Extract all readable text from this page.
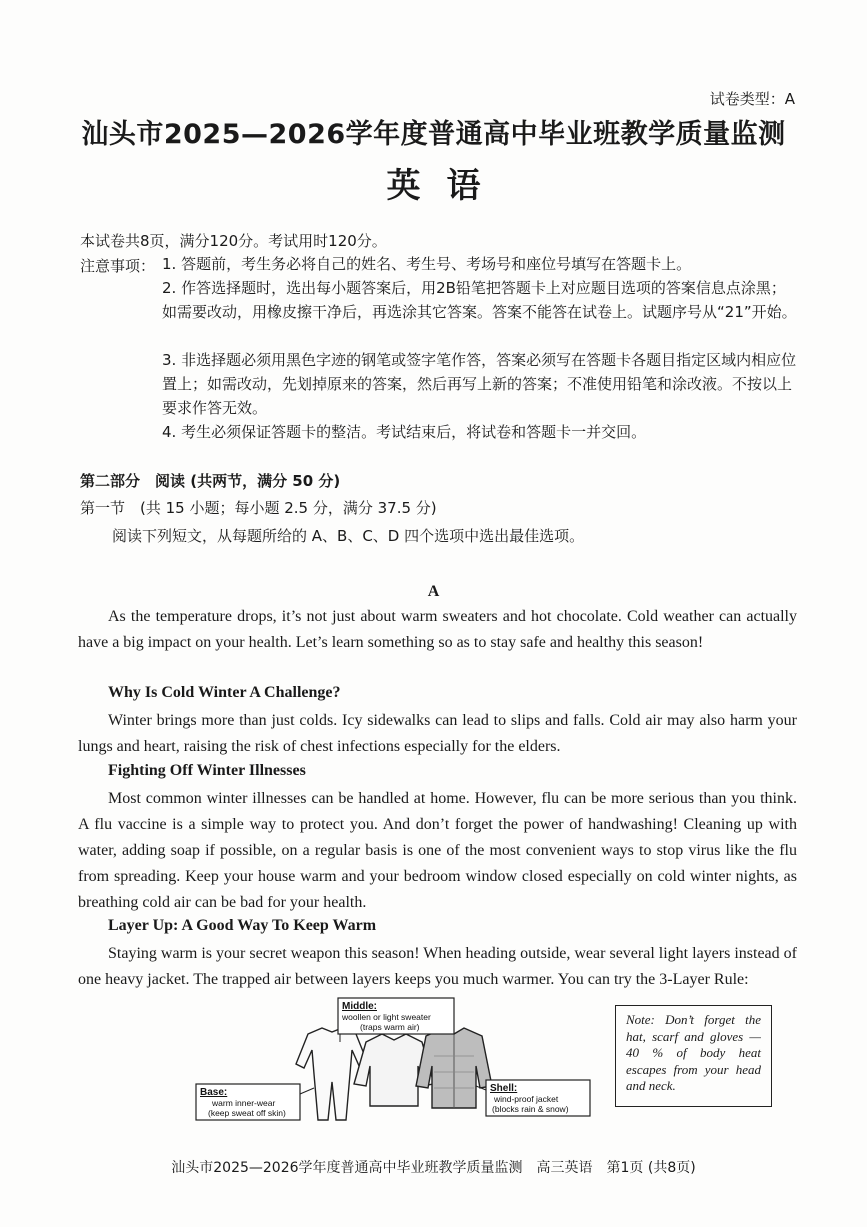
试卷类型：A
汕头市2025—2026学年度普通高中毕业班教学质量监测
英语
本试卷共8页，满分120分。考试用时120分。
注意事项： 1. 答题前，考生务必将自己的姓名、考生号、考场号和座位号填写在答题卡上。
2. 作答选择题时，选出每小题答案后，用2B铅笔把答题卡上对应题目选项的答案信息点涂黑；如需要改动，用橡皮擦干净后，再选涂其它答案。答案不能答在试卷上。试题序号从“21”开始。
3. 非选择题必须用黑色字迹的钢笔或签字笔作答，答案必须写在答题卡各题目指定区域内相应位置上；如需改动，先划掉原来的答案，然后再写上新的答案；不准使用铅笔和涂改液。不按以上要求作答无效。
4. 考生必须保证答题卡的整洁。考试结束后，将试卷和答题卡一并交回。
第二部分　阅读 (共两节，满分 50 分)
第一节　(共 15 小题；每小题 2.5 分，满分 37.5 分)
阅读下列短文，从每题所给的 A、B、C、D 四个选项中选出最佳选项。
A
As the temperature drops, it’s not just about warm sweaters and hot chocolate. Cold weather can actually have a big impact on your health. Let’s learn something so as to stay safe and healthy this season!
Why Is Cold Winter A Challenge?
Winter brings more than just colds. Icy sidewalks can lead to slips and falls. Cold air may also harm your lungs and heart, raising the risk of chest infections especially for the elders.
Fighting Off Winter Illnesses
Most common winter illnesses can be handled at home. However, flu can be more serious than you think. A flu vaccine is a simple way to protect you. And don’t forget the power of handwashing! Cleaning up with water, adding soap if possible, on a regular basis is one of the most convenient ways to stop virus like the flu from spreading. Keep your house warm and your bedroom window closed especially on cold winter nights, as breathing cold air can be bad for your health.
Layer Up: A Good Way To Keep Warm
Staying warm is your secret weapon this season! When heading outside, wear several light layers instead of one heavy jacket. The trapped air between layers keeps you much warmer. You can try the 3-Layer Rule:
Middle:
woollen or light sweater
(traps warm air)
Base:
warm inner-wear
(keep sweat off skin)
Shell:
wind-proof jacket
(blocks rain & snow)
Note: Don’t forget the hat, scarf and gloves — 40 % of body heat escapes from your head and neck.
汕头市2025—2026学年度普通高中毕业班教学质量监测　高三英语　第1页 (共8页)
